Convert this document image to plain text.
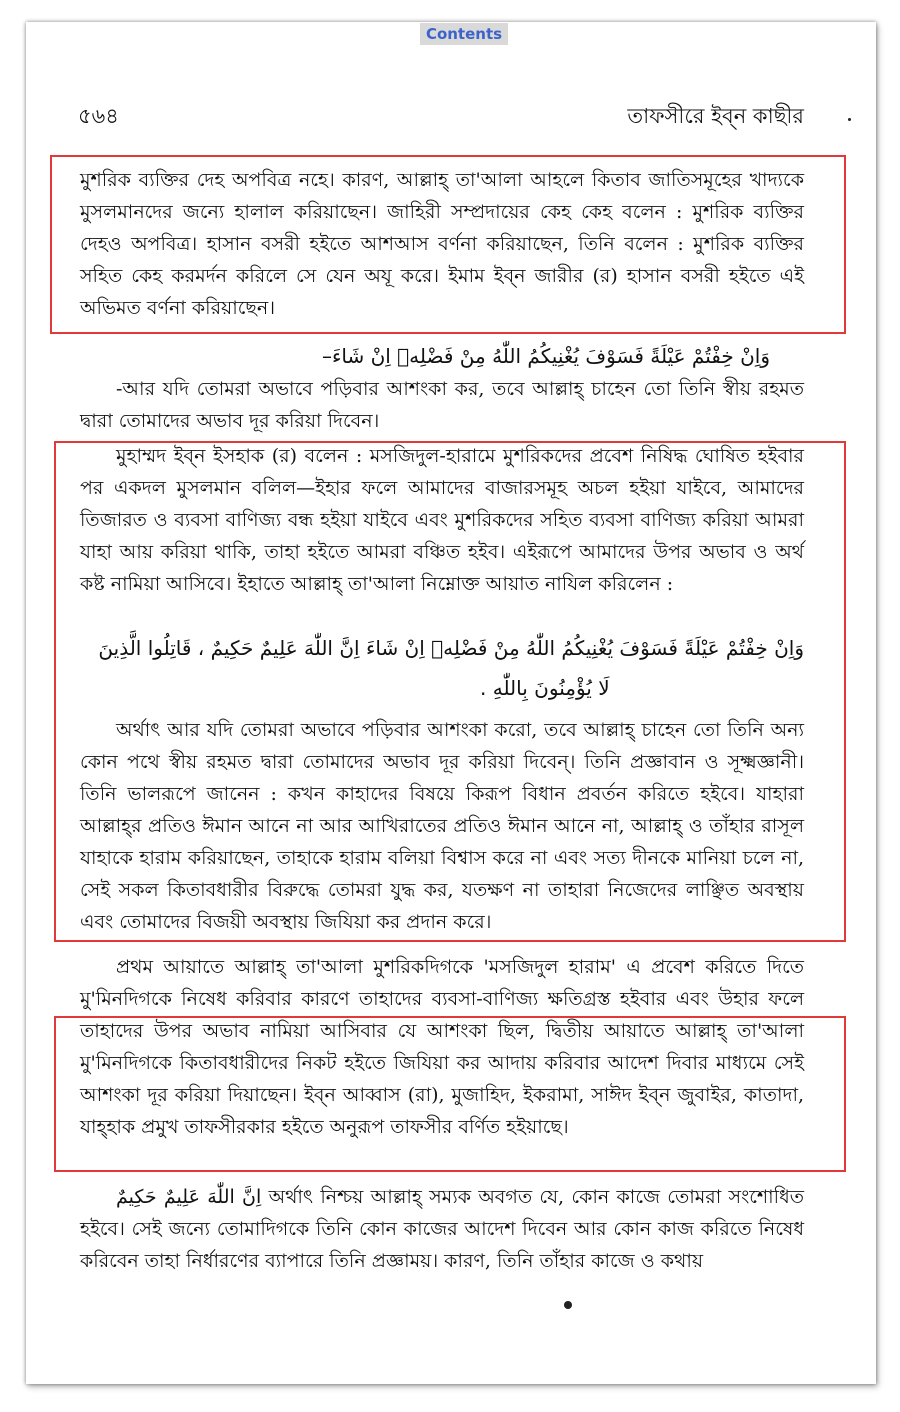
Contents
৫৬৪	তাফসীরে ইব্ন কাছীর

মুশরিক ব্যক্তির দেহ অপবিত্র নহে। কারণ, আল্লাহ্ তা'আলা আহলে কিতাব জাতিসমূহের খাদ্যকে মুসলমানদের জন্যে হালাল করিয়াছেন। জাহিরী সম্প্রদায়ের কেহ কেহ বলেন : মুশরিক ব্যক্তির দেহও অপবিত্র। হাসান বসরী হইতে আশআস বর্ণনা করিয়াছেন, তিনি বলেন : মুশরিক ব্যক্তির সহিত কেহ করমর্দন করিলে সে যেন অযূ করে। ইমাম ইব্ন জারীর (র) হাসান বসরী হইতে এই অভিমত বর্ণনা করিয়াছেন।

وَاِنْ خِفْتُمْ عَيْلَةً فَسَوْفَ يُغْنِيكُمُ اللّٰهُ مِنْ فَضْلِهٖ اِنْ شَاءَ–

-আর যদি তোমরা অভাবে পড়িবার আশংকা কর, তবে আল্লাহ্ চাহেন তো তিনি স্বীয় রহমত দ্বারা তোমাদের অভাব দূর করিয়া দিবেন।

মুহাম্মদ ইব্ন ইসহাক (র) বলেন : মসজিদুল-হারামে মুশরিকদের প্রবেশ নিষিদ্ধ ঘোষিত হইবার পর একদল মুসলমান বলিল—ইহার ফলে আমাদের বাজারসমূহ অচল হইয়া যাইবে, আমাদের তিজারত ও ব্যবসা বাণিজ্য বন্ধ হইয়া যাইবে এবং মুশরিকদের সহিত ব্যবসা বাণিজ্য করিয়া আমরা যাহা আয় করিয়া থাকি, তাহা হইতে আমরা বঞ্চিত হইব। এইরূপে আমাদের উপর অভাব ও অর্থ কষ্ট নামিয়া আসিবে। ইহাতে আল্লাহ্ তা'আলা নিম্নোক্ত আয়াত নাযিল করিলেন :

وَاِنْ خِفْتُمْ عَيْلَةً فَسَوْفَ يُغْنِيكُمُ اللّٰهُ مِنْ فَضْلِهٖ اِنْ شَاءَ اِنَّ اللّٰهَ عَلِيمٌ حَكِيمٌ ، قَاتِلُوا الَّذِينَ

لَا يُؤْمِنُونَ بِاللّٰهِ .

অর্থাৎ আর যদি তোমরা অভাবে পড়িবার আশংকা করো, তবে আল্লাহ্ চাহেন তো তিনি অন্য কোন পথে স্বীয় রহমত দ্বারা তোমাদের অভাব দূর করিয়া দিবেন্। তিনি প্রজ্ঞাবান ও সূক্ষ্মজ্ঞানী। তিনি ভালরূপে জানেন : কখন কাহাদের বিষয়ে কিরূপ বিধান প্রবর্তন করিতে হইবে। যাহারা আল্লাহ্‌র প্রতিও ঈমান আনে না আর আখিরাতের প্রতিও ঈমান আনে না, আল্লাহ্ ও তাঁহার রাসূল যাহাকে হারাম করিয়াছেন, তাহাকে হারাম বলিয়া বিশ্বাস করে না এবং সত্য দীনকে মানিয়া চলে না, সেই সকল কিতাবধারীর বিরুদ্ধে তোমরা যুদ্ধ কর, যতক্ষণ না তাহারা নিজেদের লাঞ্ছিত অবস্থায় এবং তোমাদের বিজয়ী অবস্থায় জিযিয়া কর প্রদান করে।

প্রথম আয়াতে আল্লাহ্ তা'আলা মুশরিকদিগকে 'মসজিদুল হারাম' এ প্রবেশ করিতে দিতে মু'মিনদিগকে নিষেধ করিবার কারণে তাহাদের ব্যবসা-বাণিজ্য ক্ষতিগ্রস্ত হইবার এবং উহার ফলে তাহাদের উপর অভাব নামিয়া আসিবার যে আশংকা ছিল, দ্বিতীয় আয়াতে আল্লাহ্ তা'আলা মু'মিনদিগকে কিতাবধারীদের নিকট হইতে জিযিয়া কর আদায় করিবার আদেশ দিবার মাধ্যমে সেই আশংকা দূর করিয়া দিয়াছেন। ইব্ন আব্বাস (রা), মুজাহিদ, ইকরামা, সাঈদ ইব্ন জুবাইর, কাতাদা, যাহ্হাক প্রমুখ তাফসীরকার হইতে অনুরূপ তাফসীর বর্ণিত হইয়াছে।

اِنَّ اللّٰهَ عَلِيمٌ حَكِيمٌ অর্থাৎ নিশ্চয় আল্লাহ্ সম্যক অবগত যে, কোন কাজে তোমরা সংশোধিত হইবে। সেই জন্যে তোমাদিগকে তিনি কোন কাজের আদেশ দিবেন আর কোন কাজ করিতে নিষেধ করিবেন তাহা নির্ধারণের ব্যাপারে তিনি প্রজ্ঞাময়। কারণ, তিনি তাঁহার কাজে ও কথায়
